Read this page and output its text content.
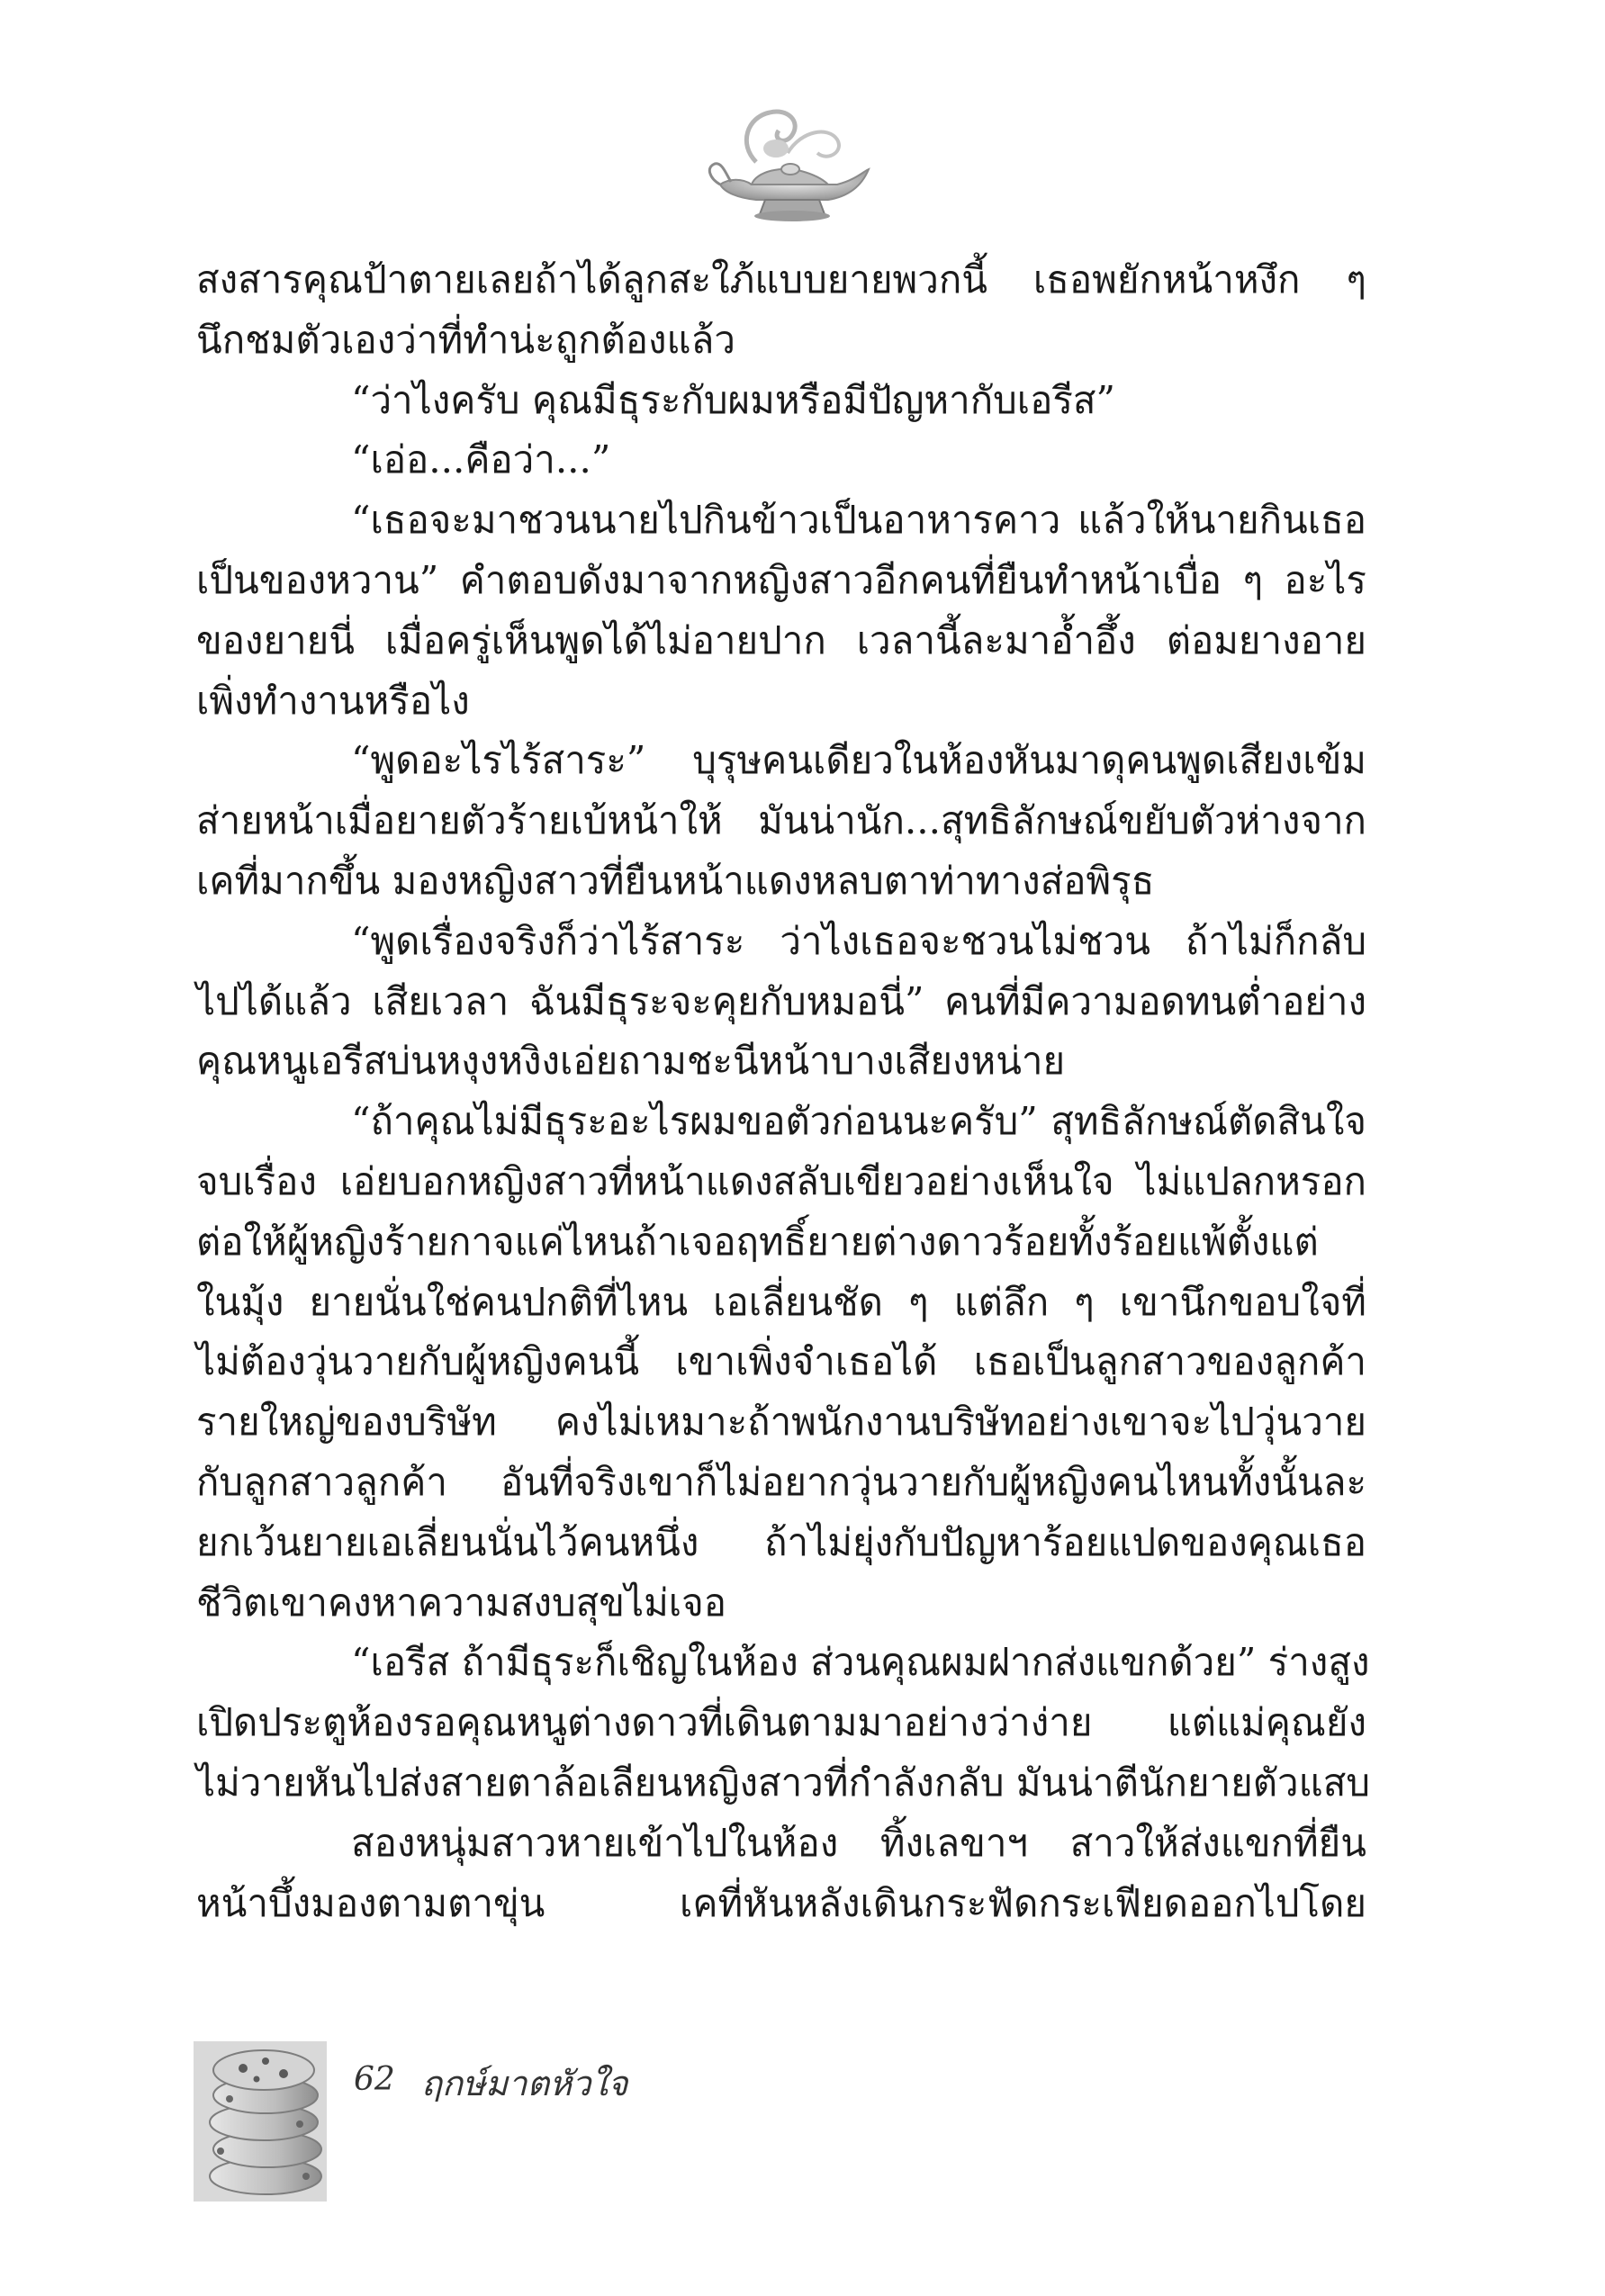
สงสารคุณป้าตายเลยถ้าได้ลูกสะใภ้แบบยายพวกนี้ เธอพยักหน้าหงึก ๆ
นึกชมตัวเองว่าที่ทำน่ะถูกต้องแล้ว
“ว่าไงครับ คุณมีธุระกับผมหรือมีปัญหากับเอรีส”
“เอ่อ...คือว่า...”
“เธอจะมาชวนนายไปกินข้าวเป็นอาหารคาว แล้วให้นายกินเธอ
เป็นของหวาน” คำตอบดังมาจากหญิงสาวอีกคนที่ยืนทำหน้าเบื่อ ๆ อะไร
ของยายนี่ เมื่อครู่เห็นพูดได้ไม่อายปาก เวลานี้ละมาอ้ำอึ้ง ต่อมยางอาย
เพิ่งทำงานหรือไง
“พูดอะไรไร้สาระ” บุรุษคนเดียวในห้องหันมาดุคนพูดเสียงเข้ม
ส่ายหน้าเมื่อยายตัวร้ายเบ้หน้าให้ มันน่านัก...สุทธิลักษณ์ขยับตัวห่างจาก
เคที่มากขึ้น มองหญิงสาวที่ยืนหน้าแดงหลบตาท่าทางส่อพิรุธ
“พูดเรื่องจริงก็ว่าไร้สาระ ว่าไงเธอจะชวนไม่ชวน ถ้าไม่ก็กลับ
ไปได้แล้ว เสียเวลา ฉันมีธุระจะคุยกับหมอนี่” คนที่มีความอดทนต่ำอย่าง
คุณหนูเอรีสบ่นหงุงหงิงเอ่ยถามชะนีหน้าบางเสียงหน่าย
“ถ้าคุณไม่มีธุระอะไรผมขอตัวก่อนนะครับ” สุทธิลักษณ์ตัดสินใจ
จบเรื่อง เอ่ยบอกหญิงสาวที่หน้าแดงสลับเขียวอย่างเห็นใจ ไม่แปลกหรอก
ต่อให้ผู้หญิงร้ายกาจแค่ไหนถ้าเจอฤทธิ์ยายต่างดาวร้อยทั้งร้อยแพ้ตั้งแต่
ในมุ้ง ยายนั่นใช่คนปกติที่ไหน เอเลี่ยนชัด ๆ แต่ลึก ๆ เขานึกขอบใจที่
ไม่ต้องวุ่นวายกับผู้หญิงคนนี้ เขาเพิ่งจำเธอได้ เธอเป็นลูกสาวของลูกค้า
รายใหญ่ของบริษัท คงไม่เหมาะถ้าพนักงานบริษัทอย่างเขาจะไปวุ่นวาย
กับลูกสาวลูกค้า อันที่จริงเขาก็ไม่อยากวุ่นวายกับผู้หญิงคนไหนทั้งนั้นละ
ยกเว้นยายเอเลี่ยนนั่นไว้คนหนึ่ง ถ้าไม่ยุ่งกับปัญหาร้อยแปดของคุณเธอ
ชีวิตเขาคงหาความสงบสุขไม่เจอ
“เอรีส ถ้ามีธุระก็เชิญในห้อง ส่วนคุณผมฝากส่งแขกด้วย” ร่างสูง
เปิดประตูห้องรอคุณหนูต่างดาวที่เดินตามมาอย่างว่าง่าย แต่แม่คุณยัง
ไม่วายหันไปส่งสายตาล้อเลียนหญิงสาวที่กำลังกลับ มันน่าตีนักยายตัวแสบ
สองหนุ่มสาวหายเข้าไปในห้อง ทิ้งเลขาฯ สาวให้ส่งแขกที่ยืน
หน้าบึ้งมองตามตาขุ่น เคที่หันหลังเดินกระฟัดกระเฟียดออกไปโดย
62 ฤกษ์มาตหัวใจ
